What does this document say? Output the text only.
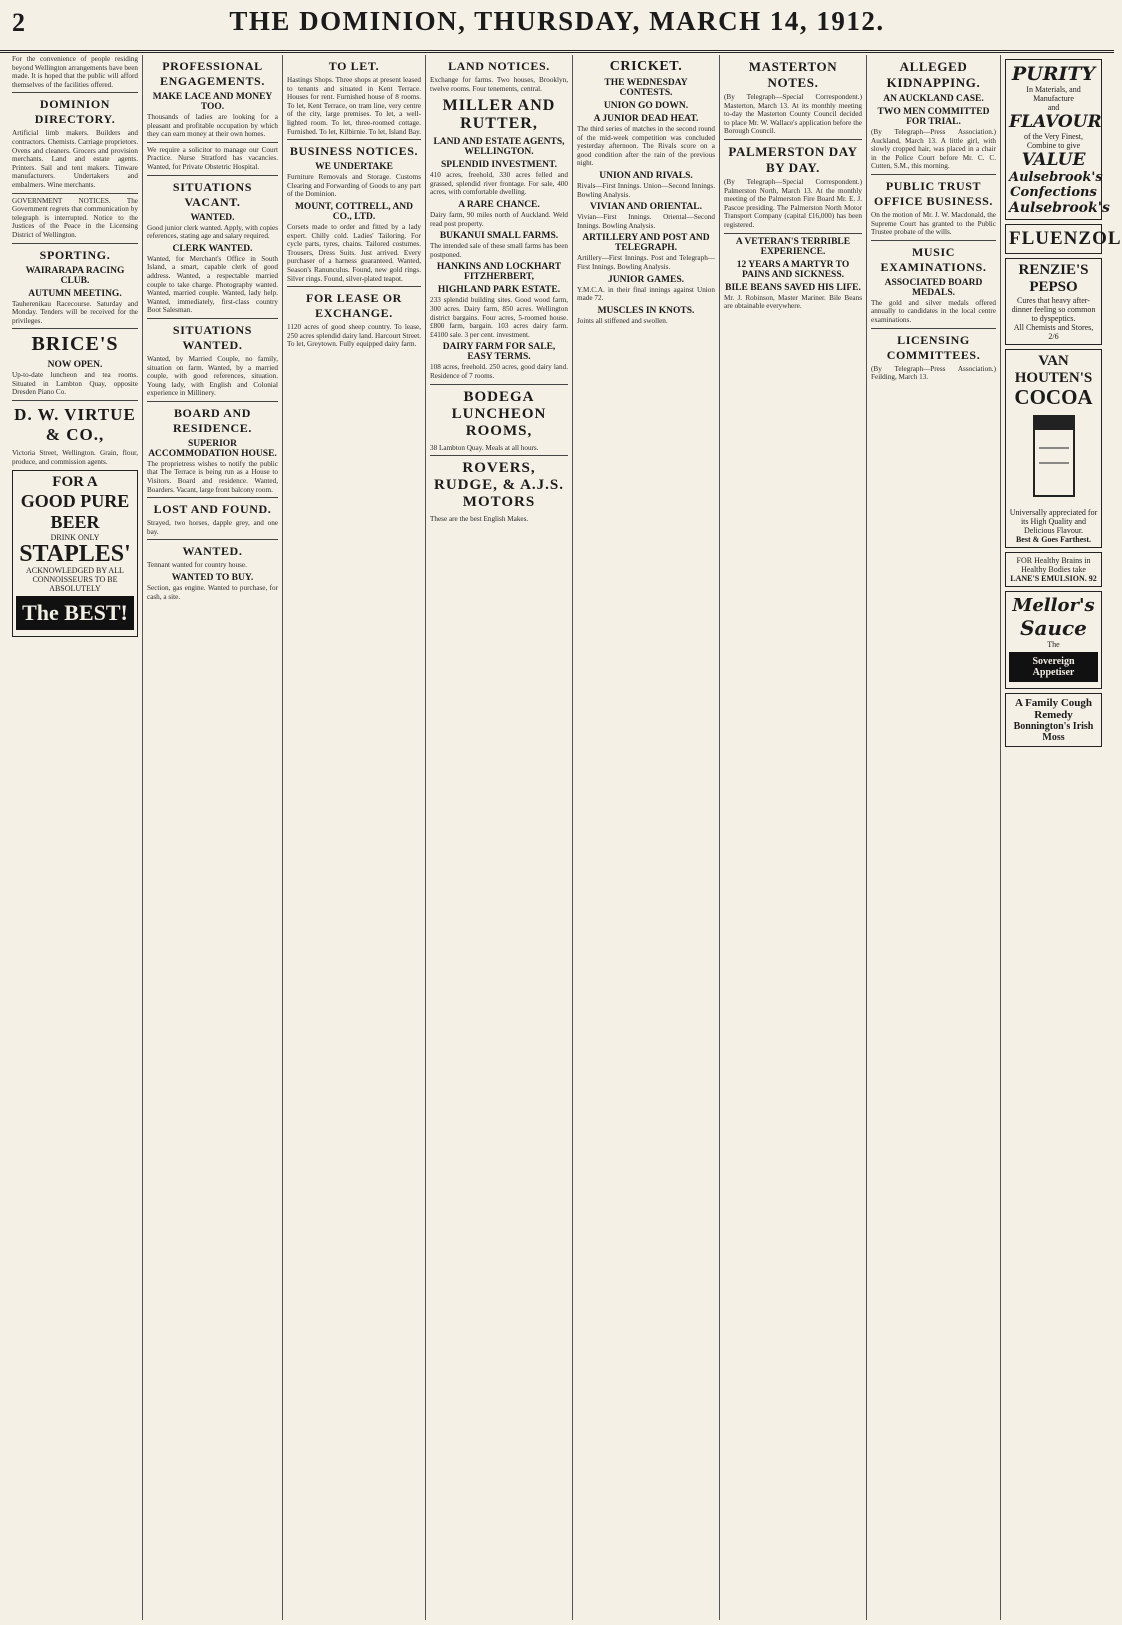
2	THE DOMINION, THURSDAY, MARCH 14, 1912.
For the convenience of people residing beyond Wellington arrangements have been made. It is hoped that the public will afford themselves of the facilities offered.
DOMINION DIRECTORY.
Artificial limb makers. Builders and contractors. Chemists. Carriage proprietors. Ovens and cleaners. Grocers and provision merchants. Land and estate agents. Printers. Sail and tent makers. Tinware manufacturers. Undertakers and embalmers. Wine merchants.
GOVERNMENT NOTICES. The Government regrets that communication by telegraph is interrupted. Notice to the Justices of the Peace in the Licensing District of Wellington.
SPORTING.
WAIRARAPA RACING CLUB.
AUTUMN MEETING.
Tauherenikau Racecourse. Saturday and Monday. Tenders will be received for the privileges.
BRICE'S
NOW OPEN.
Up-to-date luncheon and tea rooms. Situated in Lambton Quay, opposite Dresden Piano Co.
D. W. VIRTUE & CO.,
Victoria Street, Wellington. Grain, flour, produce, and commission agents.
FOR A
GOOD PURE BEER
DRINK ONLY
STAPLES'
ACKNOWLEDGED BY ALL CONNOISSEURS TO BE ABSOLUTELY
The BEST!
PROFESSIONAL ENGAGEMENTS.
MAKE LACE AND MONEY TOO.
Thousands of ladies are looking for a pleasant and profitable occupation by which they can earn money at their own homes.
We require a solicitor to manage our Court Practice. Nurse Stratford has vacancies. Wanted, for Private Obstetric Hospital.
SITUATIONS VACANT.
WANTED.
Good junior clerk wanted. Apply, with copies references, stating age and salary required.
CLERK WANTED.
Wanted, for Merchant's Office in South Island, a smart, capable clerk of good address. Wanted, a respectable married couple to take charge. Photography wanted. Wanted, married couple. Wanted, lady help. Wanted, immediately, first-class country Boot Salesman.
SITUATIONS WANTED.
Wanted, by Married Couple, no family, situation on farm. Wanted, by a married couple, with good references, situation. Young lady, with English and Colonial experience in Millinery.
BOARD AND RESIDENCE.
SUPERIOR ACCOMMODATION HOUSE.
The proprietress wishes to notify the public that The Terrace is being run as a House to Visitors. Board and residence. Wanted, Boarders. Vacant, large front balcony room.
LOST AND FOUND.
Strayed, two horses, dapple grey, and one bay.
WANTED.
Tennant wanted for country house.
WANTED TO BUY.
Section, gas engine. Wanted to purchase, for cash, a site.
TO LET.
Hastings Shops. Three shops at present leased to tenants and situated in Kent Terrace. Houses for rent. Furnished house of 8 rooms. To let, Kent Terrace, on tram line, very centre of the city, large premises. To let, a well-lighted room. To let, three-roomed cottage. Furnished. To let, Kilbirnie. To let, Island Bay.
BUSINESS NOTICES.
WE UNDERTAKE
Furniture Removals and Storage. Customs Clearing and Forwarding of Goods to any part of the Dominion.
MOUNT, COTTRELL, AND CO., LTD.
Corsets made to order and fitted by a lady expert. Chilly cold. Ladies' Tailoring. For cycle parts, tyres, chains. Tailored costumes. Trousers, Dress Suits. Just arrived. Every purchaser of a harness guaranteed. Wanted, Season's Ranunculus. Found, new gold rings. Silver rings. Found, silver-plated teapot.
FOR LEASE OR EXCHANGE.
1120 acres of good sheep country. To lease, 250 acres splendid dairy land. Harcourt Street. To let, Greytown. Fully equipped dairy farm.
LAND NOTICES.
Exchange for farms. Two houses, Brooklyn, twelve rooms. Four tenements, central.
MILLER AND RUTTER,
LAND AND ESTATE AGENTS, WELLINGTON.
SPLENDID INVESTMENT.
410 acres, freehold, 330 acres felled and grassed, splendid river frontage. For sale, 400 acres, with comfortable dwelling.
A RARE CHANCE.
Dairy farm, 90 miles north of Auckland. Weld read post property.
BUKANUI SMALL FARMS.
The intended sale of these small farms has been postponed.
HANKINS AND LOCKHART FITZHERBERT,
HIGHLAND PARK ESTATE.
233 splendid building sites. Good wood farm, 300 acres. Dairy farm, 850 acres. Wellington district bargains. Four acres, 5-roomed house. £800 farm, bargain. 103 acres dairy farm. £4100 sale. 3 per cent. investment.
DAIRY FARM FOR SALE, EASY TERMS.
108 acres, freehold. 250 acres, good dairy land. Residence of 7 rooms.
BODEGA LUNCHEON ROOMS,
38 Lambton Quay. Meals at all hours.
ROVERS, RUDGE, & A.J.S. MOTORS
These are the best English Makes.
CRICKET.
THE WEDNESDAY CONTESTS.
UNION GO DOWN.
A JUNIOR DEAD HEAT.
The third series of matches in the second round of the mid-week competition was concluded yesterday afternoon. The Rivals score on a good condition after the rain of the previous night.
UNION AND RIVALS.
Rivals—First Innings. Union—Second Innings. Bowling Analysis.
VIVIAN AND ORIENTAL.
Vivian—First Innings. Oriental—Second Innings. Bowling Analysis.
ARTILLERY AND POST AND TELEGRAPH.
Artillery—First Innings. Post and Telegraph—First Innings. Bowling Analysis.
JUNIOR GAMES.
Y.M.C.A. in their final innings against Union made 72.
MUSCLES IN KNOTS.
Joints all stiffened and swollen.
MASTERTON NOTES.
(By Telegraph—Special Correspondent.) Masterton, March 13. At its monthly meeting to-day the Masterton County Council decided to place Mr. W. Wallace's application before the Borough Council.
PALMERSTON DAY BY DAY.
(By Telegraph—Special Correspondent.) Palmerston North, March 13. At the monthly meeting of the Palmerston Fire Board Mr. E. J. Pascoe presiding. The Palmerston North Motor Transport Company (capital £16,000) has been registered.
A VETERAN'S TERRIBLE EXPERIENCE.
12 YEARS A MARTYR TO PAINS AND SICKNESS.
BILE BEANS SAVED HIS LIFE.
Mr. J. Robinson, Master Mariner. Bile Beans are obtainable everywhere.
ALLEGED KIDNAPPING.
AN AUCKLAND CASE.
TWO MEN COMMITTED FOR TRIAL.
(By Telegraph—Press Association.) Auckland, March 13. A little girl, with slowly cropped hair, was placed in a chair in the Police Court before Mr. C. C. Cutten, S.M., this morning.
PUBLIC TRUST OFFICE BUSINESS.
On the motion of Mr. J. W. Macdonald, the Supreme Court has granted to the Public Trustee probate of the wills.
MUSIC EXAMINATIONS.
ASSOCIATED BOARD MEDALS.
The gold and silver medals offered annually to candidates in the local centre examinations.
LICENSING COMMITTEES.
(By Telegraph—Press Association.) Feilding, March 13.
PURITY
In Materials, and Manufacture
and
FLAVOUR
of the Very Finest,
Combine to give
VALUE
Aulsebrook's Confections
Aulsebrook's
FLUENZOL
RENZIE'S PEPSO
Cures that heavy after-dinner feeling so common to dyspeptics.
All Chemists and Stores, 2/6
VAN HOUTEN'S
COCOA
Universally appreciated for its High Quality and Delicious Flavour.
Best & Goes Farthest.
FOR Healthy Brains in Healthy Bodies take
LANE'S EMULSION. 92
Mellor's
Sauce
The
Sovereign Appetiser
A Family Cough Remedy
Bonnington's Irish Moss
